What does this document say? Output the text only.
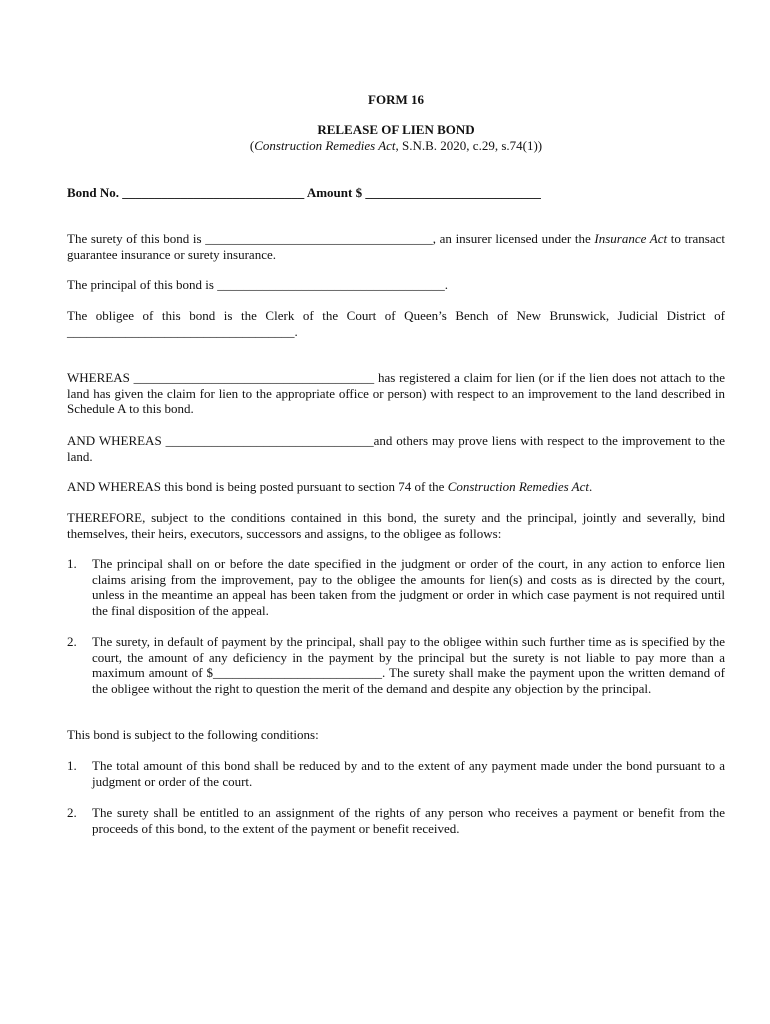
FORM 16
RELEASE OF LIEN BOND
(Construction Remedies Act, S.N.B. 2020, c.29, s.74(1))
Bond No. ____________________________ Amount $ ___________________________
The surety of this bond is ___________________________________, an insurer licensed under the Insurance Act to transact guarantee insurance or surety insurance.
The principal of this bond is ___________________________________.
The obligee of this bond is the Clerk of the Court of Queen’s Bench of New Brunswick, Judicial District of ___________________________________.
WHEREAS _____________________________________ has registered a claim for lien (or if the lien does not attach to the land has given the claim for lien to the appropriate office or person) with respect to an improvement to the land described in Schedule A to this bond.
AND WHEREAS ________________________________and others may prove liens with respect to the improvement to the land.
AND WHEREAS this bond is being posted pursuant to section 74 of the Construction Remedies Act.
THEREFORE, subject to the conditions contained in this bond, the surety and the principal, jointly and severally, bind themselves, their heirs, executors, successors and assigns, to the obligee as follows:
1. The principal shall on or before the date specified in the judgment or order of the court, in any action to enforce lien claims arising from the improvement, pay to the obligee the amounts for lien(s) and costs as is directed by the court, unless in the meantime an appeal has been taken from the judgment or order in which case payment is not required until the final disposition of the appeal.
2. The surety, in default of payment by the principal, shall pay to the obligee within such further time as is specified by the court, the amount of any deficiency in the payment by the principal but the surety is not liable to pay more than a maximum amount of $__________________________. The surety shall make the payment upon the written demand of the obligee without the right to question the merit of the demand and despite any objection by the principal.
This bond is subject to the following conditions:
1. The total amount of this bond shall be reduced by and to the extent of any payment made under the bond pursuant to a judgment or order of the court.
2. The surety shall be entitled to an assignment of the rights of any person who receives a payment or benefit from the proceeds of this bond, to the extent of the payment or benefit received.
